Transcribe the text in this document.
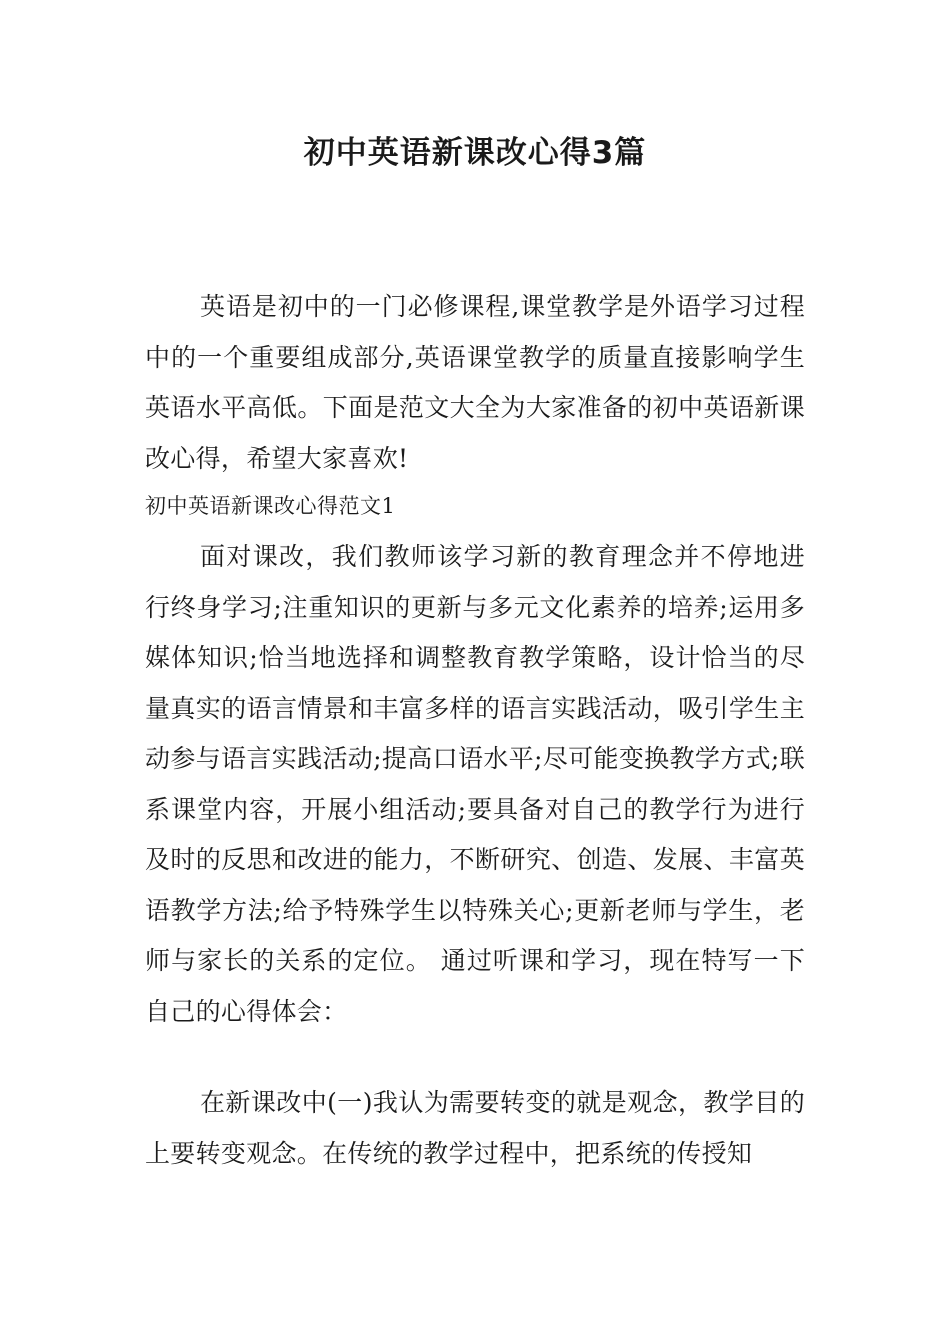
初中英语新课改心得3篇

英语是初中的一门必修课程,课堂教学是外语学习过程中的一个重要组成部分,英语课堂教学的质量直接影响学生英语水平高低。下面是范文大全为大家准备的初中英语新课改心得，希望大家喜欢!

初中英语新课改心得范文1

面对课改，我们教师该学习新的教育理念并不停地进行终身学习;注重知识的更新与多元文化素养的培养;运用多媒体知识;恰当地选择和调整教育教学策略，设计恰当的尽量真实的语言情景和丰富多样的语言实践活动，吸引学生主动参与语言实践活动;提高口语水平;尽可能变换教学方式;联系课堂内容，开展小组活动;要具备对自己的教学行为进行及时的反思和改进的能力，不断研究、创造、发展、丰富英语教学方法;给予特殊学生以特殊关心;更新老师与学生，老师与家长的关系的定位。 通过听课和学习，现在特写一下自己的心得体会：

在新课改中(一)我认为需要转变的就是观念，教学目的上要转变观念。在传统的教学过程中，把系统的传授知
